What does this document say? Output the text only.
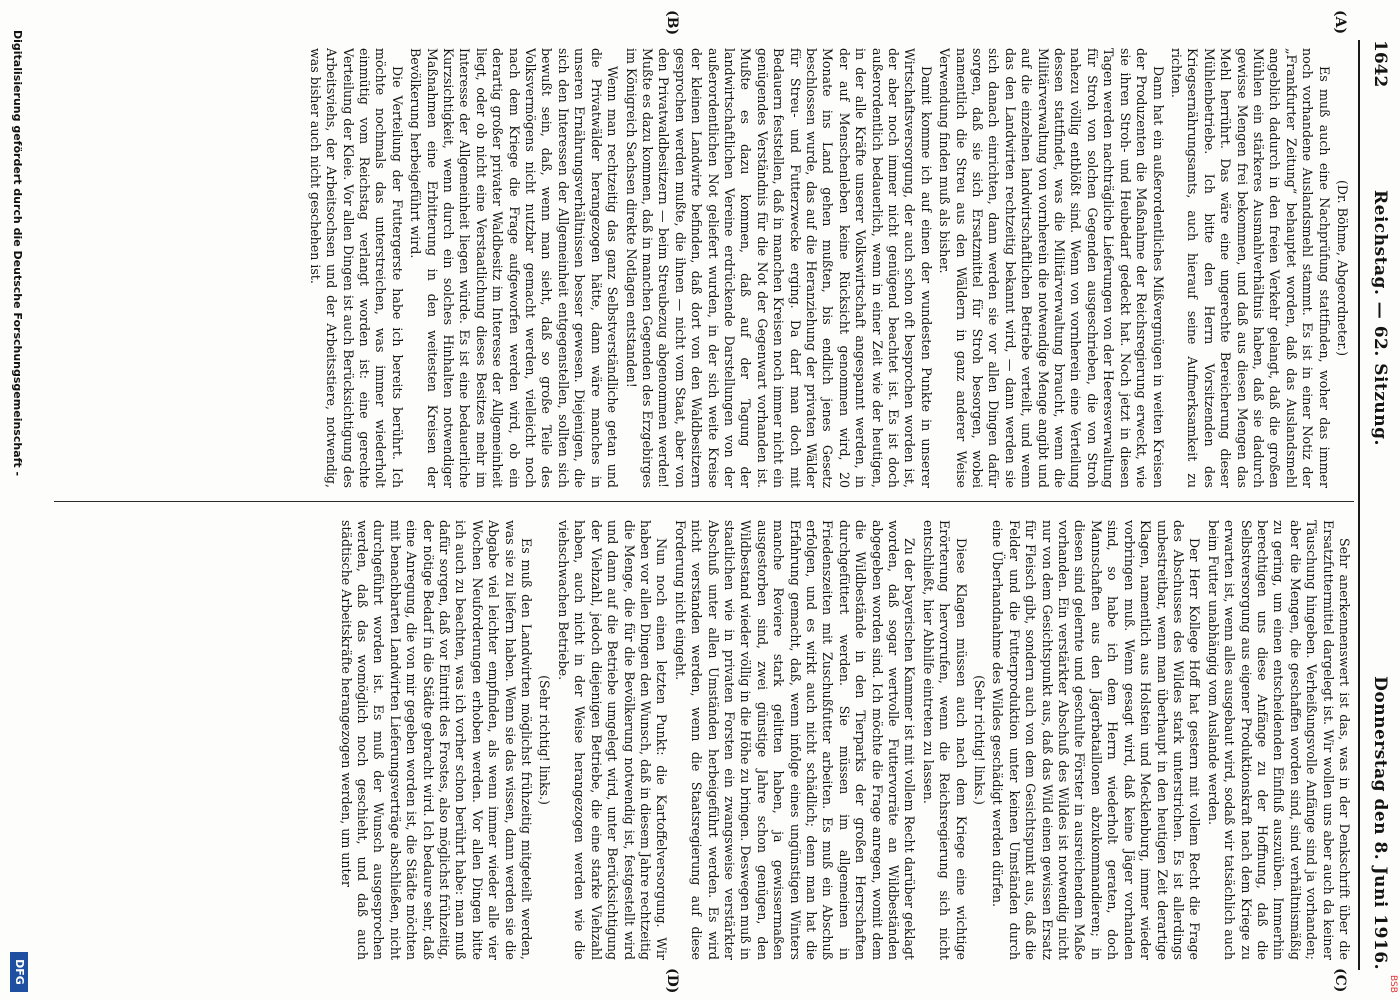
BSB
1642
Reichstag. — 62. Sitzung.
Donnerstag den 8. Juni 1916.
(A)
(B)
(C)
(D)

(Dr. Böhme, Abgeordneter.)

Es muß auch eine Nachprüfung stattfinden, woher das immer noch vorhandene Auslandsmehl stammt. Es ist in einer Notiz der „Frankfurter Zeitung“ behauptet worden, daß das Auslandsmehl angeblich dadurch in den freien Verkehr gelangt, daß die großen Mühlen ein stärkeres Ausmahlverhältnis haben, daß sie dadurch gewisse Mengen frei bekommen, und daß aus diesen Mengen das Mehl herrührt. Das wäre eine ungerechte Bereicherung dieser Mühlenbetriebe. Ich bitte den Herrn Vorsitzenden des Kriegsernährungsamts, auch hierauf seine Aufmerksamkeit zu richten.

Dann hat ein außerordentliches Mißvergnügen in weiten Kreisen der Produzenten die Maßnahme der Reichsregierung erweckt, wie sie ihren Stroh- und Heubedarf gedeckt hat. Noch jetzt in diesen Tagen werden nachträgliche Lieferungen von der Heeresverwaltung für Stroh von solchen Gegenden ausgeschrieben, die von Stroh nahezu völlig entblößt sind. Wenn von vornherein eine Verteilung dessen stattfindet, was die Militärverwaltung braucht, wenn die Militärverwaltung von vornherein die notwendige Menge angibt und auf die einzelnen landwirtschaftlichen Betriebe verteilt, und wenn das den Landwirten rechtzeitig bekannt wird, — dann werden sie sich danach einrichten, dann werden sie vor allen Dingen dafür sorgen, daß sie sich Ersatzmittel für Stroh besorgen, wobei namentlich die Streu aus den Wäldern in ganz anderer Weise Verwendung finden muß als bisher.

Damit komme ich auf einen der wundesten Punkte in unserer Wirtschaftsversorgung, der auch schon oft besprochen worden ist, der aber noch immer nicht genügend beachtet ist. Es ist doch außerordentlich bedauerlich, wenn in einer Zeit wie der heutigen, in der alle Kräfte unserer Volkswirtschaft angespannt werden, in der auf Menschenleben keine Rücksicht genommen wird, 20 Monate ins Land gehen mußten, bis endlich jenes Gesetz beschlossen wurde, das auf die Heranziehung der privaten Wälder für Streu- und Futterzwecke erging. Da darf man doch mit Bedauern feststellen, daß in manchen Kreisen noch immer nicht ein genügendes Verständnis für die Not der Gegenwart vorhanden ist. Mußte es dazu kommen, daß auf der Tagung der landwirtschaftlichen Vereine erdrückende Darstellungen von der außerordentlichen Not geliefert wurden, in der sich weite Kreise der kleinen Landwirte befinden, daß dort von den Waldbesitzern gesprochen werden mußte, die ihnen — nicht vom Staat, aber von den Privatwaldbesitzern — beim Streubezug abgenommen werden! Mußte es dazu kommen, daß in manchen Gegenden des Erzgebirges im Königreich Sachsen direkte Notlagen entstanden!

Wenn man rechtzeitig das ganz Selbstverständliche getan und die Privatwälder herangezogen hätte, dann wäre manches in unseren Ernährungsverhältnissen besser gewesen. Diejenigen, die sich den Interessen der Allgemeinheit entgegenstellen, sollten sich bewußt sein, daß, wenn man sieht, daß so große Teile des Volksvermögens nicht nutzbar gemacht werden, vielleicht noch nach dem Kriege die Frage aufgeworfen werden wird, ob ein derartig großer privater Waldbesitz im Interesse der Allgemeinheit liegt, oder ob nicht eine Verstaatlichung dieses Besitzes mehr im Interesse der Allgemeinheit liegen würde. Es ist eine bedauerliche Kurzsichtigkeit, wenn durch ein solches Hinhalten notwendiger Maßnahmen eine Erbitterung in den weitesten Kreisen der Bevölkerung herbeigeführt wird.

Die Verteilung der Futtergerste habe ich bereits berührt. Ich möchte nochmals das unterstreichen, was immer wiederholt einmütig vom Reichstag verlangt worden ist: eine gerechte Verteilung der Kleie. Vor allen Dingen ist auch Berücksichtigung des Arbeitsviehs, der Arbeitsochsen und der Arbeitsstiere, notwendig, was bisher auch nicht geschehen ist.

Sehr anerkennenswert ist das, was in der Denkschrift über die Ersatzfuttermittel dargelegt ist. Wir wollen uns aber auch da keiner Täuschung hingeben. Verheißungsvolle Anfänge sind ja vorhanden; aber die Mengen, die geschaffen worden sind, sind verhältnismäßig zu gering, um einen entscheidenden Einfluß auszuüben. Immerhin berechtigen uns diese Anfänge zu der Hoffnung, daß die Selbstversorgung aus eigener Produktionskraft nach dem Kriege zu erwarten ist, wenn alles ausgebaut wird, sodaß wir tatsächlich auch beim Futter unabhängig vom Auslande werden.

Der Herr Kollege Hoff hat gestern mit vollem Recht die Frage des Abschusses des Wildes stark unterstrichen. Es ist allerdings unbestreitbar, wenn man überhaupt in den heutigen Zeit derartige Klagen, namentlich aus Holstein und Mecklenburg, immer wieder vorbringen muß. Wenn gesagt wird, daß keine Jäger vorhanden sind, so habe ich dem Herrn wiederholt geraten, doch Mannschaften aus den Jägerbataillonen abzukommandieren; in diesen sind gelernte und geschulte Förster in ausreichendem Maße vorhanden. Ein verstärkter Abschuß des Wildes ist notwendig nicht nur von dem Gesichtspunkt aus, daß das Wild einen gewissen Ersatz für Fleisch gibt, sondern auch von dem Gesichtspunkt aus, daß die Felder und die Futterproduktion unter keinen Umständen durch eine Überhandnahme des Wildes geschädigt werden dürfen.

(Sehr richtig! links.)

Diese Klagen müssen auch nach dem Kriege eine wichtige Erörterung hervorrufen, wenn die Reichsregierung sich nicht entschließt, hier Abhilfe eintreten zu lassen.

Zu der bayerischen Kammer ist mit vollem Recht darüber geklagt worden, daß sogar wertvolle Futtervorräte an Wildbeständen abgegeben worden sind. Ich möchte die Frage anregen, womit dem die Wildbestände in den Tierparks der großen Herrschaften durchgefüttert werden. Sie müssen im allgemeinen in Friedenszeiten mit Zuschußfutter arbeiten. Es muß ein Abschuß erfolgen, und es wirkt auch nicht schädlich; denn man hat die Erfahrung gemacht, daß, wenn infolge eines ungünstigen Winters manche Reviere stark gelitten haben, ja gewissermaßen ausgestorben sind, zwei günstige Jahre schon genügen, den Wildbestand wieder völlig in die Höhe zu bringen. Deswegen muß in staatlichen wie in privaten Forsten ein zwangsweise verstärkter Abschuß unter allen Umständen herbeigeführt werden. Es wird nicht verstanden werden, wenn die Staatsregierung auf diese Forderung nicht eingeht.

Nun noch einen letzten Punkt: die Kartoffelversorgung. Wir haben vor allen Dingen den Wunsch, daß in diesem Jahre rechtzeitig die Menge, die für die Bevölkerung notwendig ist, festgestellt wird und dann auf die Betriebe umgelegt wird, unter Berücksichtigung der Viehzahl, jedoch diejenigen Betriebe, die eine starke Viehzahl haben, auch nicht in der Weise herangezogen werden wie die viehschwachen Betriebe.

(Sehr richtig! links.)

Es muß den Landwirten möglichst frühzeitig mitgeteilt werden, was sie zu liefern haben. Wenn sie das wissen, dann werden sie die Abgabe viel leichter empfinden, als wenn immer wieder alle vier Wochen Neuforderungen erhoben werden. Vor allen Dingen bitte ich auch zu beachten, was ich vorher schon berührt habe: man muß dafür sorgen, daß vor Eintritt des Frostes, also möglichst frühzeitig, der nötige Bedarf in die Städte gebracht wird. Ich bedaure sehr, daß eine Anregung, die von mir gegeben worden ist, die Städte möchten mit benachbarten Landwirten Lieferungsverträge abschließen, nicht durchgeführt worden ist. Es muß der Wunsch ausgesprochen werden, daß das womöglich noch geschieht, und daß auch städtische Arbeitskräfte herangezogen werden, um unter

Digitalisierung gefördert durch die Deutsche Forschungsgemeinschaft -
DFG
